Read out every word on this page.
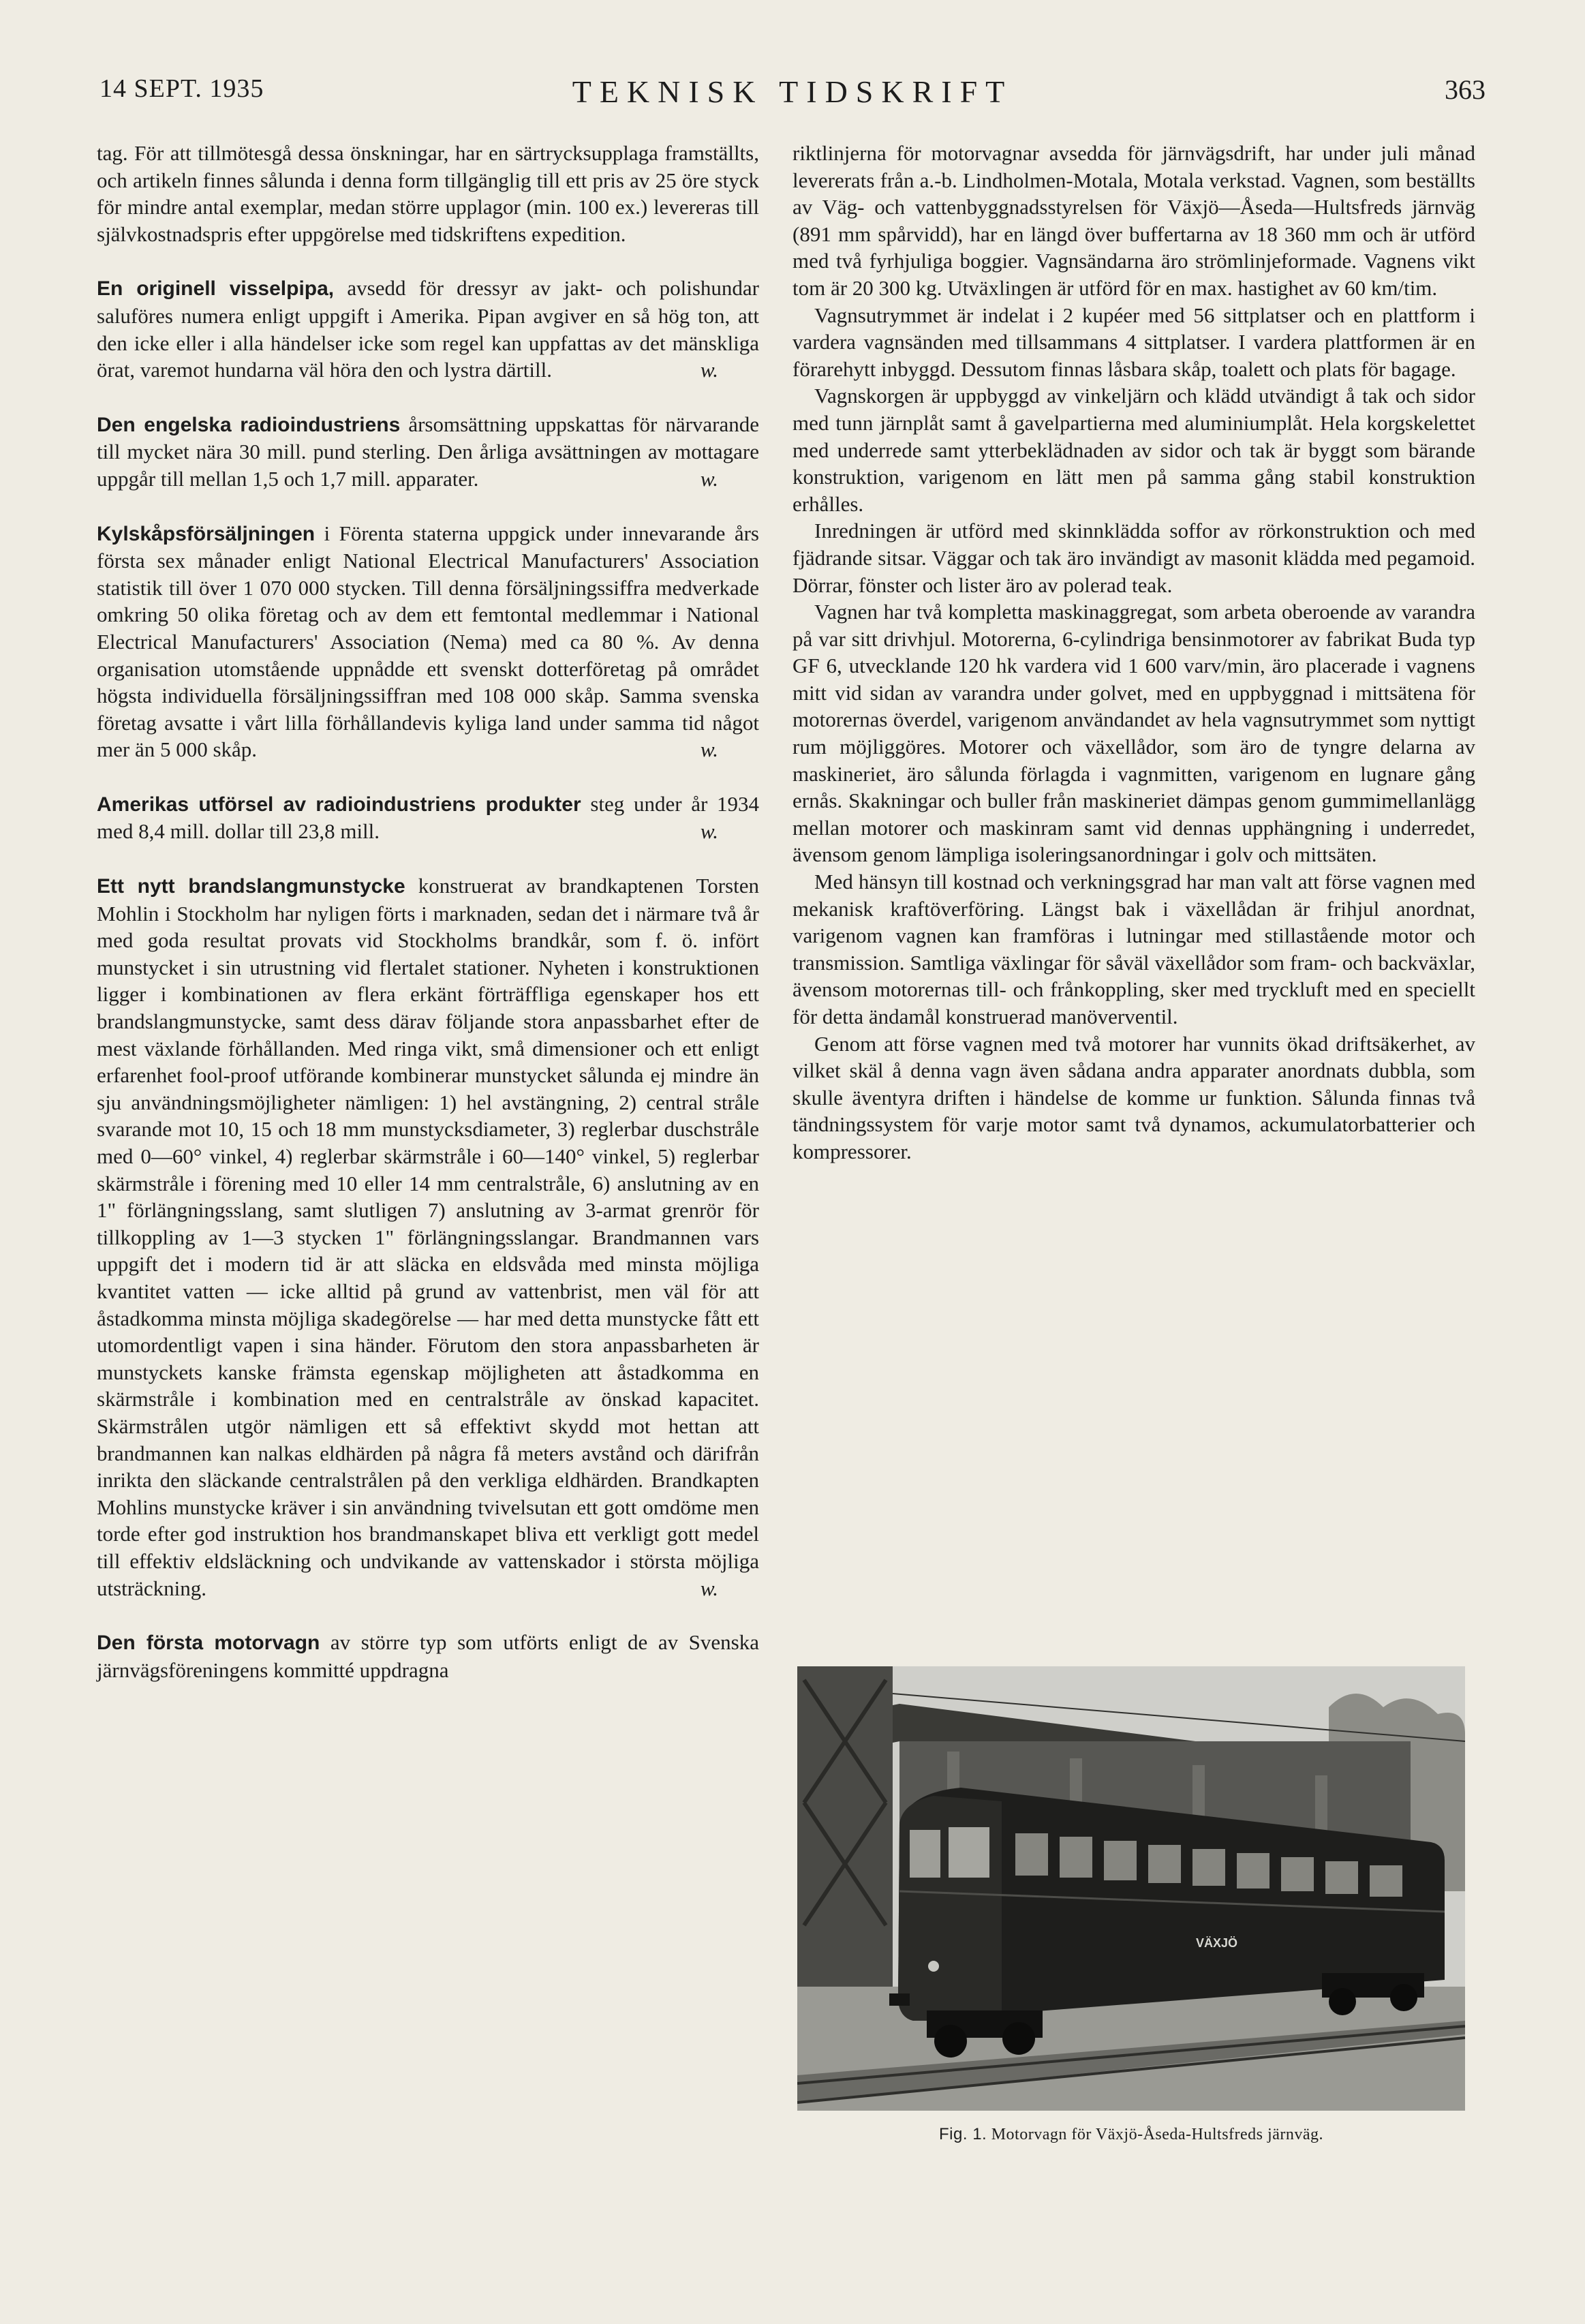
14 SEPT. 1935	TEKNISK TIDSKRIFT	363

tag. För att tillmötesgå dessa önskningar, har en särtrycksupplaga framställts, och artikeln finnes sålunda i denna form tillgänglig till ett pris av 25 öre styck för mindre antal exemplar, medan större upplagor (min. 100 ex.) levereras till självkostnadspris efter uppgörelse med tidskriftens expedition.

En originell visselpipa, avsedd för dressyr av jakt- och polishundar saluföres numera enligt uppgift i Amerika. Pipan avgiver en så hög ton, att den icke eller i alla händelser icke som regel kan uppfattas av det mänskliga örat, varemot hundarna väl höra den och lystra därtill.	w.

Den engelska radioindustriens årsomsättning uppskattas för närvarande till mycket nära 30 mill. pund sterling. Den årliga avsättningen av mottagare uppgår till mellan 1,5 och 1,7 mill. apparater.	w.

Kylskåpsförsäljningen i Förenta staterna uppgick under innevarande års första sex månader enligt National Electrical Manufacturers' Association statistik till över 1 070 000 stycken. Till denna försäljningssiffra medverkade omkring 50 olika företag och av dem ett femtontal medlemmar i National Electrical Manufacturers' Association (Nema) med ca 80 %. Av denna organisation utomstående uppnådde ett svenskt dotterföretag på området högsta individuella försäljningssiffran med 108 000 skåp. Samma svenska företag avsatte i vårt lilla förhållandevis kyliga land under samma tid något mer än 5 000 skåp.	w.

Amerikas utförsel av radioindustriens produkter steg under år 1934 med 8,4 mill. dollar till 23,8 mill.	w.

Ett nytt brandslangmunstycke konstruerat av brandkaptenen Torsten Mohlin i Stockholm har nyligen förts i marknaden, sedan det i närmare två år med goda resultat provats vid Stockholms brandkår, som f. ö. infört munstycket i sin utrustning vid flertalet stationer. Nyheten i konstruktionen ligger i kombinationen av flera erkänt förträffliga egenskaper hos ett brandslangmunstycke, samt dess därav följande stora anpassbarhet efter de mest växlande förhållanden. Med ringa vikt, små dimensioner och ett enligt erfarenhet fool-proof utförande kombinerar munstycket sålunda ej mindre än sju användningsmöjligheter nämligen: 1) hel avstängning, 2) central stråle svarande mot 10, 15 och 18 mm munstycksdiameter, 3) reglerbar duschstråle med 0—60° vinkel, 4) reglerbar skärmstråle i 60—140° vinkel, 5) reglerbar skärmstråle i förening med 10 eller 14 mm centralstråle, 6) anslutning av en 1" förlängningsslang, samt slutligen 7) anslutning av 3-armat grenrör för tillkoppling av 1—3 stycken 1" förlängningsslangar. Brandmannen vars uppgift det i modern tid är att släcka en eldsvåda med minsta möjliga kvantitet vatten — icke alltid på grund av vattenbrist, men väl för att åstadkomma minsta möjliga skadegörelse — har med detta munstycke fått ett utomordentligt vapen i sina händer. Förutom den stora anpassbarheten är munstyckets kanske främsta egenskap möjligheten att åstadkomma en skärmstråle i kombination med en centralstråle av önskad kapacitet. Skärmstrålen utgör nämligen ett så effektivt skydd mot hettan att brandmannen kan nalkas eldhärden på några få meters avstånd och därifrån inrikta den släckande centralstrålen på den verkliga eldhärden. Brandkapten Mohlins munstycke kräver i sin användning tvivelsutan ett gott omdöme men torde efter god instruktion hos brandmanskapet bliva ett verkligt gott medel till effektiv eldsläckning och undvikande av vattenskador i största möjliga utsträckning.	w.

Den första motorvagn av större typ som utförts enligt de av Svenska järnvägsföreningens kommitté uppdragna

riktlinjerna för motorvagnar avsedda för järnvägsdrift, har under juli månad levererats från a.-b. Lindholmen-Motala, Motala verkstad. Vagnen, som beställts av Väg- och vattenbyggnadsstyrelsen för Växjö—Åseda—Hultsfreds järnväg (891 mm spårvidd), har en längd över buffertarna av 18 360 mm och är utförd med två fyrhjuliga boggier. Vagnsändarna äro strömlinjeformade. Vagnens vikt tom är 20 300 kg. Utväxlingen är utförd för en max. hastighet av 60 km/tim.

Vagnsutrymmet är indelat i 2 kupéer med 56 sittplatser och en plattform i vardera vagnsänden med tillsammans 4 sittplatser. I vardera plattformen är en förarehytt inbyggd. Dessutom finnas låsbara skåp, toalett och plats för bagage.

Vagnskorgen är uppbyggd av vinkeljärn och klädd utvändigt å tak och sidor med tunn järnplåt samt å gavelpartierna med aluminiumplåt. Hela korgskelettet med underrede samt ytterbeklädnaden av sidor och tak är byggt som bärande konstruktion, varigenom en lätt men på samma gång stabil konstruktion erhålles.

Inredningen är utförd med skinnklädda soffor av rörkonstruktion och med fjädrande sitsar. Väggar och tak äro invändigt av masonit klädda med pegamoid. Dörrar, fönster och lister äro av polerad teak.

Vagnen har två kompletta maskinaggregat, som arbeta oberoende av varandra på var sitt drivhjul. Motorerna, 6-cylindriga bensinmotorer av fabrikat Buda typ GF 6, utvecklande 120 hk vardera vid 1 600 varv/min, äro placerade i vagnens mitt vid sidan av varandra under golvet, med en uppbyggnad i mittsätena för motorernas överdel, varigenom användandet av hela vagnsutrymmet som nyttigt rum möjliggöres. Motorer och växellådor, som äro de tyngre delarna av maskineriet, äro sålunda förlagda i vagnmitten, varigenom en lugnare gång ernås. Skakningar och buller från maskineriet dämpas genom gummimellanlägg mellan motorer och maskinram samt vid dennas upphängning i underredet, ävensom genom lämpliga isoleringsanordningar i golv och mittsäten.

Med hänsyn till kostnad och verkningsgrad har man valt att förse vagnen med mekanisk kraftöverföring. Längst bak i växellådan är frihjul anordnat, varigenom vagnen kan framföras i lutningar med stillastående motor och transmission. Samtliga växlingar för såväl växellådor som fram- och backväxlar, ävensom motorernas till- och frånkoppling, sker med tryckluft med en speciellt för detta ändamål konstruerad manöverventil.

Genom att förse vagnen med två motorer har vunnits ökad driftsäkerhet, av vilket skäl å denna vagn även sådana andra apparater anordnats dubbla, som skulle äventyra driften i händelse de komme ur funktion. Sålunda finnas två tändningssystem för varje motor samt två dynamos, ackumulatorbatterier och kompressorer.

VÄXJÖ
Fig. 1. Motorvagn för Växjö-Åseda-Hultsfreds järnväg.
